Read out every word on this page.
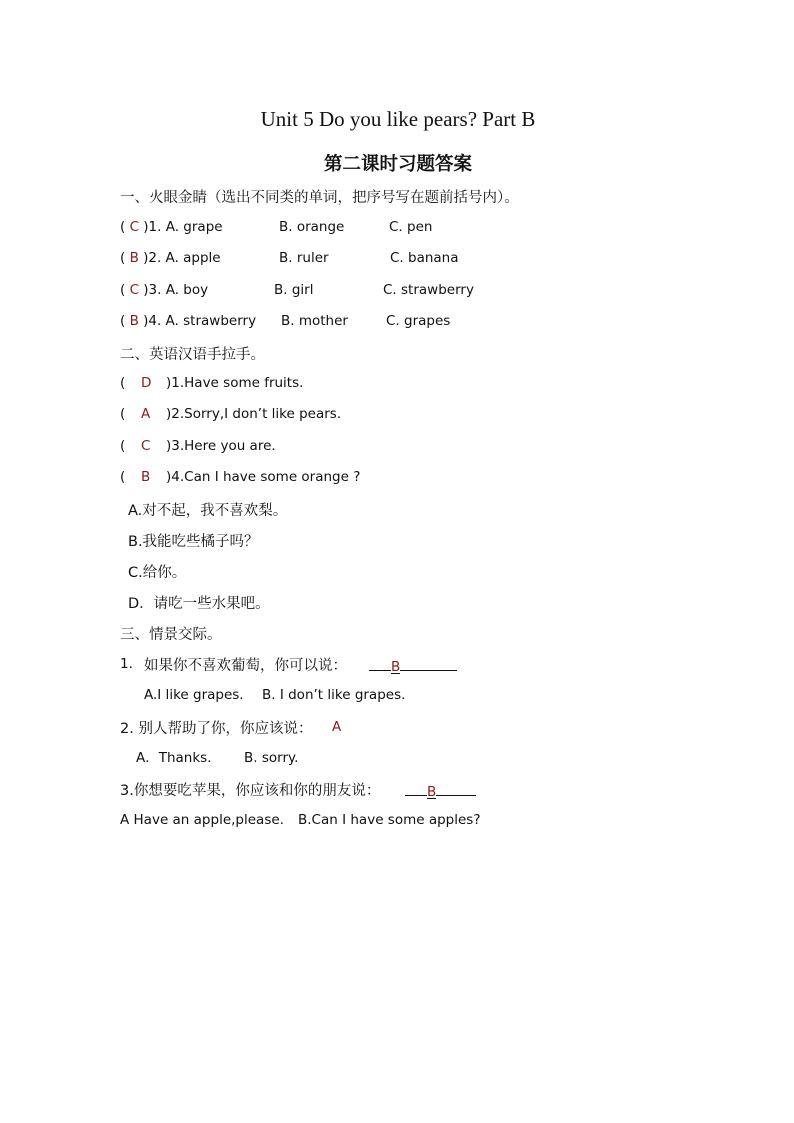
Unit 5 Do you like pears? Part B
第二课时习题答案
一、火眼金睛（选出不同类的单词，把序号写在题前括号内）。
( C )1. A. grape	B. orange	C. pen
( B )2. A. apple	B. ruler	C. banana
( C )3. A. boy	B. girl	C. strawberry
( B )4. A. strawberry B. mother	C. grapes
二、英语汉语手拉手。
( D )1.Have some fruits.
( A )2.Sorry,I don’t like pears.
( C )3.Here you are.
( B )4.Can I have some orange ?
A.对不起，我不喜欢梨。
B.我能吃些橘子吗？
C.给你。
D．请吃一些水果吧。
三、情景交际。
1. 如果你不喜欢葡萄，你可以说：	B
A.I like grapes. B. I don’t like grapes.
2. 别人帮助了你，你应该说： A
A．Thanks. B. sorry.
3.你想要吃苹果，你应该和你的朋友说：	B
A Have an apple,please. B.Can I have some apples?
